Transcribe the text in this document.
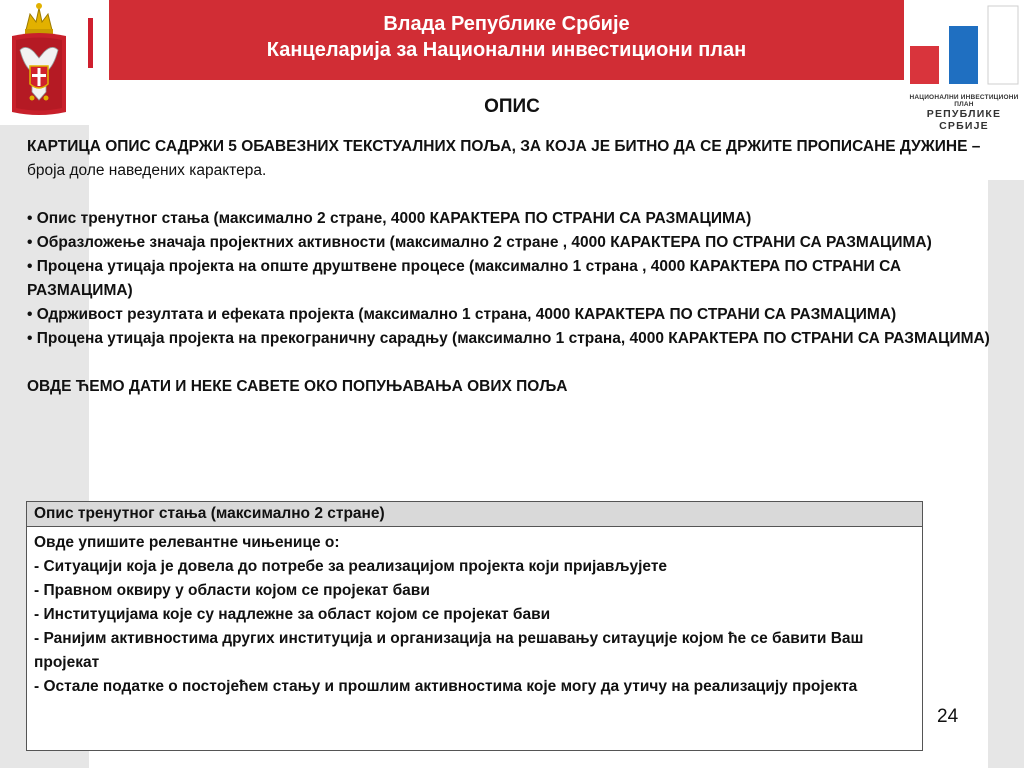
Влада Републике Србије
Канцеларија за Национални инвестициони план
НАЦИОНАЛНИ ИНВЕСТИЦИОНИ ПЛАН
РЕПУБЛИКЕ СРБИЈЕ
ОПИС

КАРТИЦА ОПИС САДРЖИ 5 ОБАВЕЗНИХ ТЕКСТУАЛНИХ ПОЉА, ЗА КОЈА ЈЕ БИТНО ДА СЕ ДРЖИТЕ ПРОПИСАНЕ ДУЖИНЕ – броја доле наведених карактера.

• Опис тренутног стања (максимално 2 стране, 4000 КАРАКТЕРА ПО СТРАНИ СА РАЗМАЦИМА)

• Образложење значаја пројектних активности (максимално 2 стране , 4000 КАРАКТЕРА ПО СТРАНИ СА РАЗМАЦИМА)

• Процена утицаја пројекта на опште друштвене процесе (максимално 1 страна , 4000 КАРАКТЕРА ПО СТРАНИ СА РАЗМАЦИМА)

• Одрживост резултата и ефеката пројекта (максимално 1 страна, 4000 КАРАКТЕРА ПО СТРАНИ СА РАЗМАЦИМА)

• Процена утицаја пројекта на прекограничну сарадњу (максимално 1 страна, 4000 КАРАКТЕРА ПО СТРАНИ СА РАЗМАЦИМА)

ОВДЕ ЋЕМО ДАТИ И НЕКЕ САВЕТЕ ОКО ПОПУЊАВАЊА ОВИХ ПОЉА

Опис тренутног стања (максимално 2 стране)

Овде упишите релевантне чињенице о:

- Ситуацији која је довела до потребе за реализацијом пројекта који пријављујете

- Правном оквиру у области којом се пројекат бави

- Институцијама које су надлежне за област којом се пројекат бави

- Ранијим активностима других институција и организација на решавању ситауције којом ће се бавити Ваш пројекат

- Остале податке о постојећем стању и прошлим активностима које могу да утичу на реализацију пројекта

24
